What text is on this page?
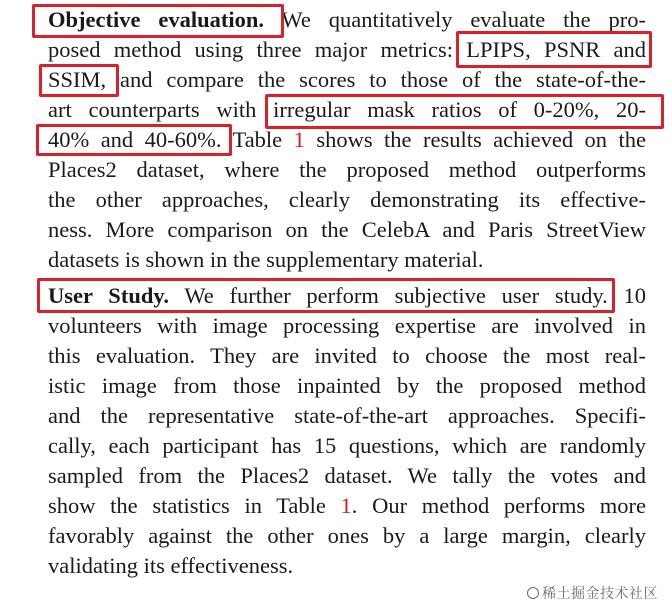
Objective evaluation. We quantitatively evaluate the pro-
posed method using three major metrics: LPIPS, PSNR and
SSIM, and compare the scores to those of the state-of-the-
art counterparts with irregular mask ratios of 0-20%, 20-
40% and 40-60%. Table 1 shows the results achieved on the
Places2 dataset, where the proposed method outperforms
the other approaches, clearly demonstrating its effective-
ness. More comparison on the CelebA and Paris StreetView
datasets is shown in the supplementary material.
User Study. We further perform subjective user study. 10
volunteers with image processing expertise are involved in
this evaluation. They are invited to choose the most real-
istic image from those inpainted by the proposed method
and the representative state-of-the-art approaches. Specifi-
cally, each participant has 15 questions, which are randomly
sampled from the Places2 dataset. We tally the votes and
show the statistics in Table 1. Our method performs more
favorably against the other ones by a large margin, clearly
validating its effectiveness.
稀土掘金技术社区
